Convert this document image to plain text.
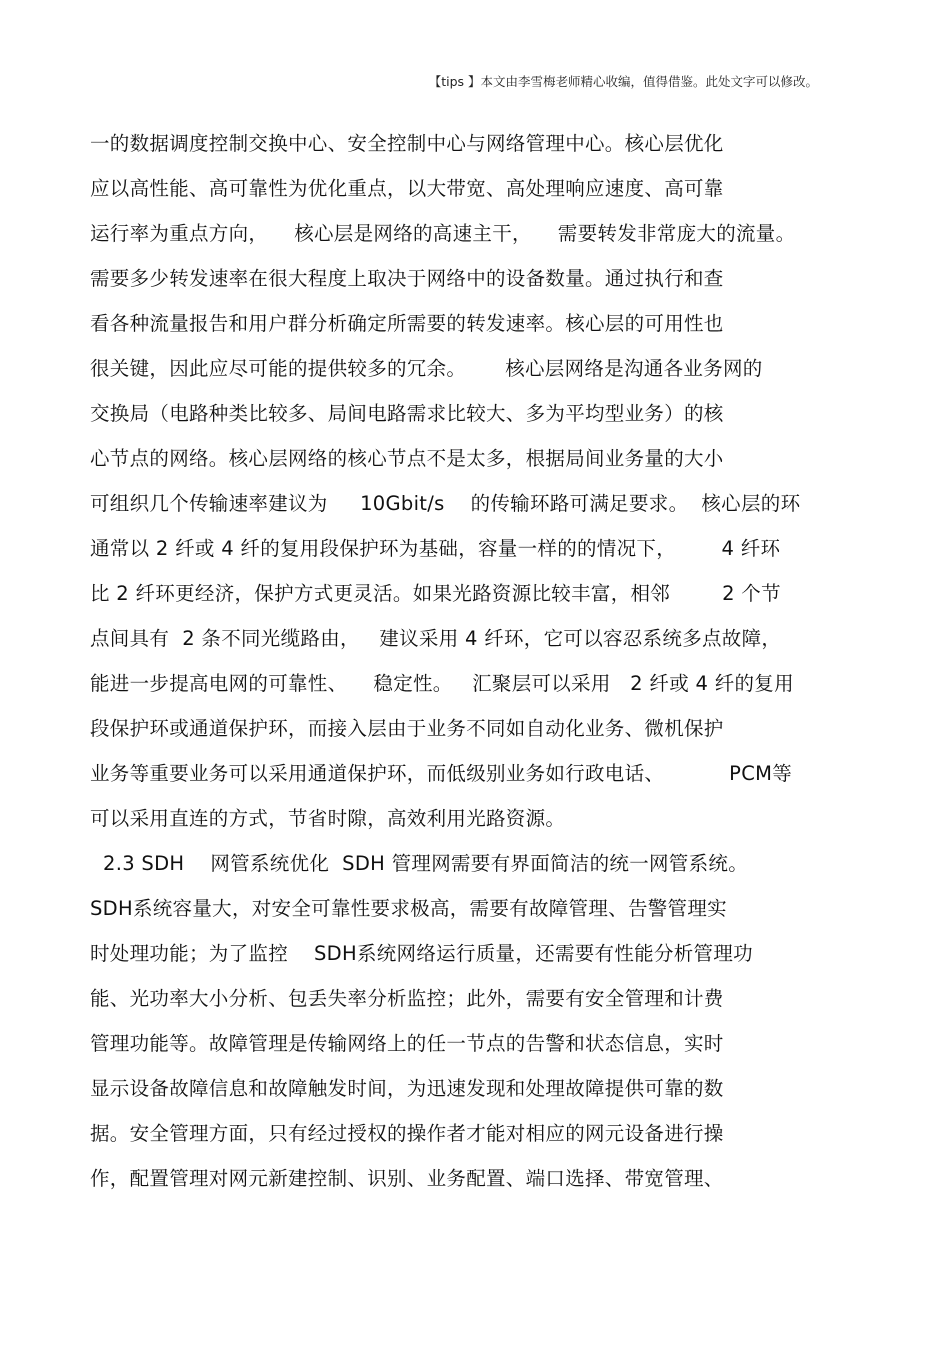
【tips 】本文由李雪梅老师精心收编，值得借鉴。此处文字可以修改。
一的数据调度控制交换中心、安全控制中心与网络管理中心。核心层优化
应以高性能、高可靠性为优化重点，以大带宽、高处理响应速度、高可靠
运行率为重点方向，    核心层是网络的高速主干，    需要转发非常庞大的流量。
需要多少转发速率在很大程度上取决于网络中的设备数量。通过执行和查
看各种流量报告和用户群分析确定所需要的转发速率。核心层的可用性也
很关键，因此应尽可能的提供较多的冗余。      核心层网络是沟通各业务网的
交换局（电路种类比较多、局间电路需求比较大、多为平均型业务）的核
心节点的网络。核心层网络的核心节点不是太多，根据局间业务量的大小
可组织几个传输速率建议为     10Gbit/s    的传输环路可满足要求。  核心层的环
通常以 2 纤或 4 纤的复用段保护环为基础，容量一样的的情况下，       4 纤环
比 2 纤环更经济，保护方式更灵活。如果光路资源比较丰富，相邻        2 个节
点间具有  2 条不同光缆路由，   建议采用 4 纤环，它可以容忍系统多点故障，
能进一步提高电网的可靠性、    稳定性。   汇聚层可以采用   2 纤或 4 纤的复用
段保护环或通道保护环，而接入层由于业务不同如自动化业务、微机保护
业务等重要业务可以采用通道保护环，而低级别业务如行政电话、          PCM等
可以采用直连的方式，节省时隙，高效利用光路资源。
2.3 SDH    网管系统优化  SDH 管理网需要有界面简洁的统一网管系统。
SDH系统容量大，对安全可靠性要求极高，需要有故障管理、告警管理实
时处理功能；为了监控    SDH系统网络运行质量，还需要有性能分析管理功
能、光功率大小分析、包丢失率分析监控；此外，需要有安全管理和计费
管理功能等。故障管理是传输网络上的任一节点的告警和状态信息，实时
显示设备故障信息和故障触发时间，为迅速发现和处理故障提供可靠的数
据。安全管理方面，只有经过授权的操作者才能对相应的网元设备进行操
作，配置管理对网元新建控制、识别、业务配置、端口选择、带宽管理、
